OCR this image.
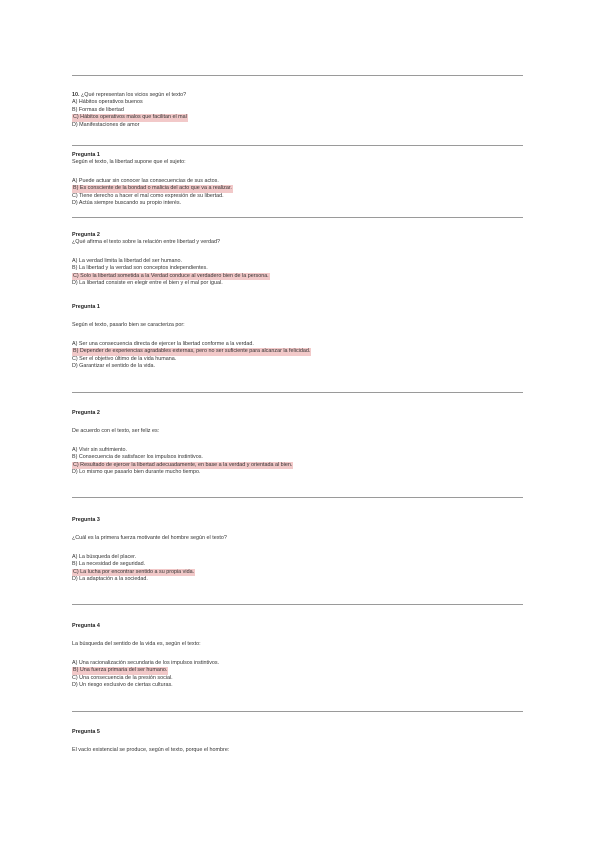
10. ¿Qué representan los vicios según el texto?
A) Hábitos operativos buenos
B) Formas de libertad
C) Hábitos operativos malos que facilitan el mal
D) Manifestaciones de amor
Pregunta 1
Según el texto, la libertad supone que el sujeto:
A) Puede actuar sin conocer las consecuencias de sus actos.
B) Es consciente de la bondad o malicia del acto que va a realizar.
C) Tiene derecho a hacer el mal como expresión de su libertad.
D) Actúa siempre buscando su propio interés.
Pregunta 2
¿Qué afirma el texto sobre la relación entre libertad y verdad?
A) La verdad limita la libertad del ser humano.
B) La libertad y la verdad son conceptos independientes.
C) Solo la libertad sometida a la Verdad conduce al verdadero bien de la persona.
D) La libertad consiste en elegir entre el bien y el mal por igual.
Pregunta 1
Según el texto, pasarlo bien se caracteriza por:
A) Ser una consecuencia directa de ejercer la libertad conforme a la verdad.
B) Depender de experiencias agradables externas, pero no ser suficiente para alcanzar la felicidad.
C) Ser el objetivo último de la vida humana.
D) Garantizar el sentido de la vida.
Pregunta 2
De acuerdo con el texto, ser feliz es:
A) Vivir sin sufrimiento.
B) Consecuencia de satisfacer los impulsos instintivos.
C) Resultado de ejercer la libertad adecuadamente, en base a la verdad y orientada al bien.
D) Lo mismo que pasarlo bien durante mucho tiempo.
Pregunta 3
¿Cuál es la primera fuerza motivante del hombre según el texto?
A) La búsqueda del placer.
B) La necesidad de seguridad.
C) La lucha por encontrar sentido a su propia vida.
D) La adaptación a la sociedad.
Pregunta 4
La búsqueda del sentido de la vida es, según el texto:
A) Una racionalización secundaria de los impulsos instintivos.
B) Una fuerza primaria del ser humano.
C) Una consecuencia de la presión social.
D) Un riesgo exclusivo de ciertas culturas.
Pregunta 5
El vacío existencial se produce, según el texto, porque el hombre:
